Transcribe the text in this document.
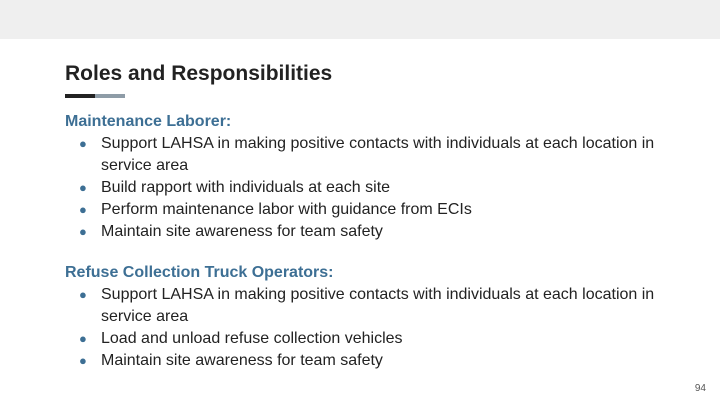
Roles and Responsibilities
Maintenance Laborer:
● Support LAHSA in making positive contacts with individuals at each location in service area
● Build rapport with individuals at each site
● Perform maintenance labor with guidance from ECIs
● Maintain site awareness for team safety
Refuse Collection Truck Operators:
● Support LAHSA in making positive contacts with individuals at each location in service area
● Load and unload refuse collection vehicles
● Maintain site awareness for team safety
94
